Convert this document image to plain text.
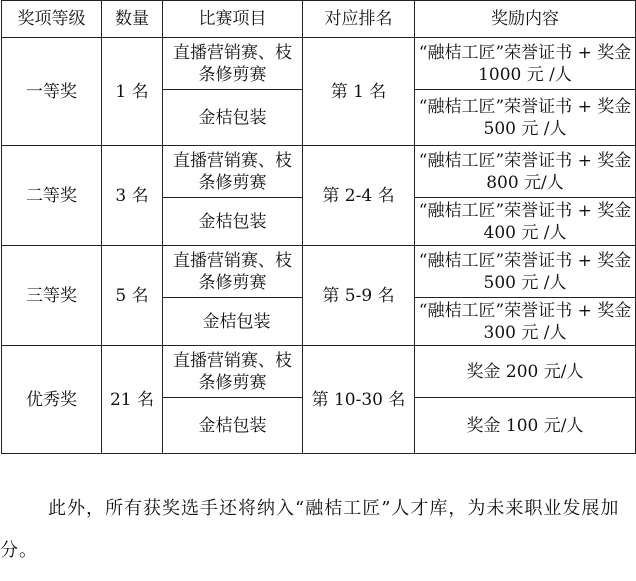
奖项等级	数量	比赛项目	对应排名	奖励内容
一等奖	1 名	直播营销赛、枝条修剪赛	第 1 名	“融桔工匠”荣誉证书 + 奖金 1000 元 /人
		金桔包装		“融桔工匠”荣誉证书 + 奖金 500 元 /人
二等奖	3 名	直播营销赛、枝条修剪赛	第 2-4 名	“融桔工匠”荣誉证书 + 奖金 800 元/人
		金桔包装		“融桔工匠”荣誉证书 + 奖金 400 元 /人
三等奖	5 名	直播营销赛、枝条修剪赛	第 5-9 名	“融桔工匠”荣誉证书 + 奖金 500 元 /人
		金桔包装		“融桔工匠”荣誉证书 + 奖金 300 元 /人
优秀奖	21 名	直播营销赛、枝条修剪赛	第 10-30 名	奖金 200 元/人
		金桔包装		奖金 100 元/人

此外，所有获奖选手还将纳入“融桔工匠”人才库，为未来职业发展加分。
